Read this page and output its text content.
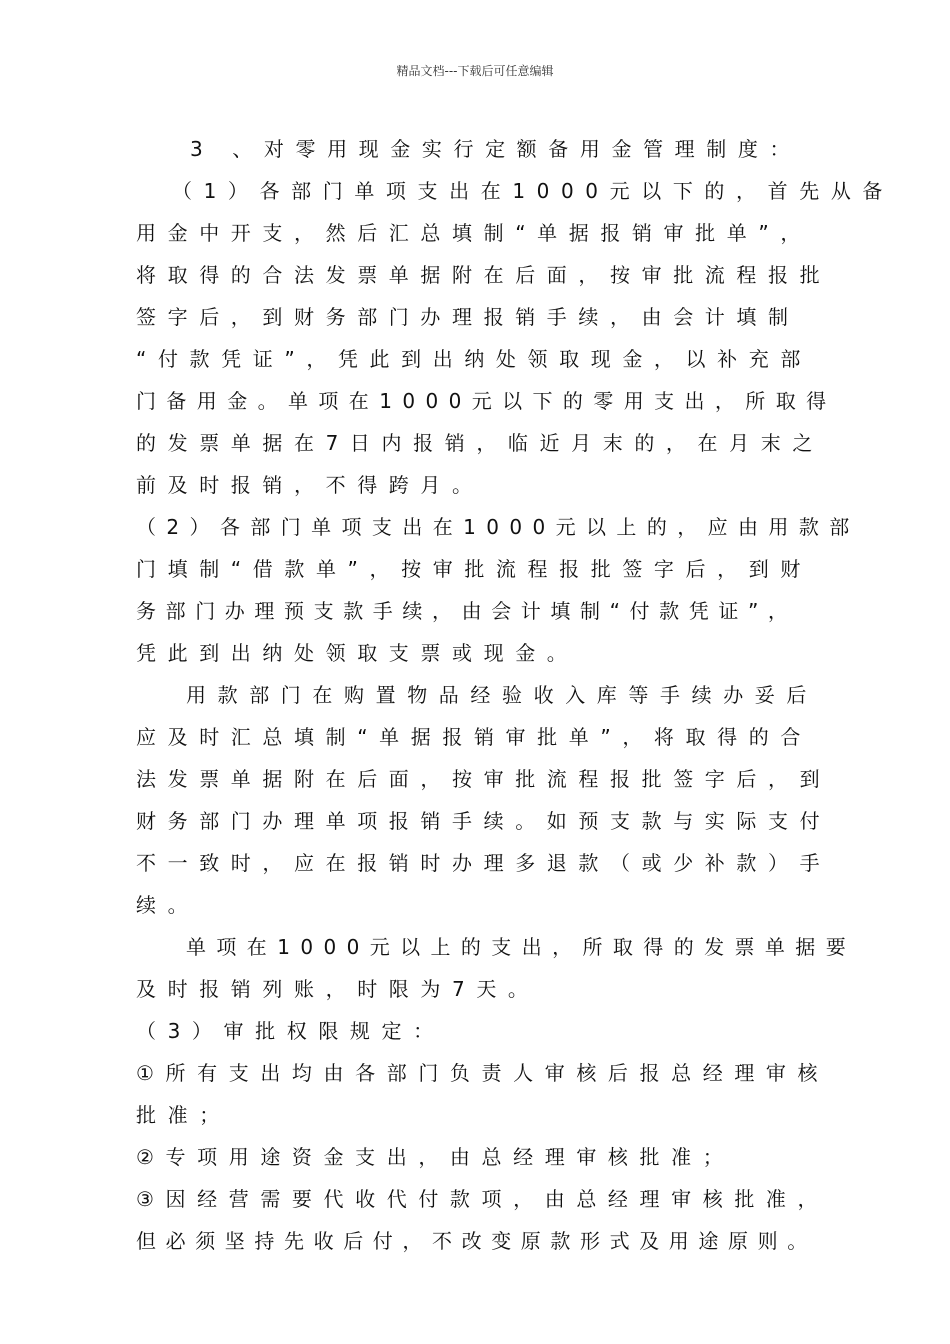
精品文档---下载后可任意编辑
3 、对零用现金实行定额备用金管理制度：
（1）各部门单项支出在1000元以下的，首先从备
用金中开支，然后汇总填制“单据报销审批单”，
将取得的合法发票单据附在后面，按审批流程报批
签字后，到财务部门办理报销手续，由会计填制
“付款凭证”，凭此到出纳处领取现金，以补充部
门备用金。单项在1000元以下的零用支出，所取得
的发票单据在7日内报销，临近月末的，在月末之
前及时报销，不得跨月。
（2）各部门单项支出在1000元以上的，应由用款部
门填制“借款单”，按审批流程报批签字后，到财
务部门办理预支款手续，由会计填制“付款凭证”，
凭此到出纳处领取支票或现金。
用款部门在购置物品经验收入库等手续办妥后
应及时汇总填制“单据报销审批单”，将取得的合
法发票单据附在后面，按审批流程报批签字后，到
财务部门办理单项报销手续。如预支款与实际支付
不一致时，应在报销时办理多退款（或少补款）手
续。
单项在1000元以上的支出，所取得的发票单据要
及时报销列账，时限为7天。
（3）审批权限规定：
①所有支出均由各部门负责人审核后报总经理审核
批准；
②专项用途资金支出，由总经理审核批准；
③因经营需要代收代付款项，由总经理审核批准，
但必须坚持先收后付，不改变原款形式及用途原则。
